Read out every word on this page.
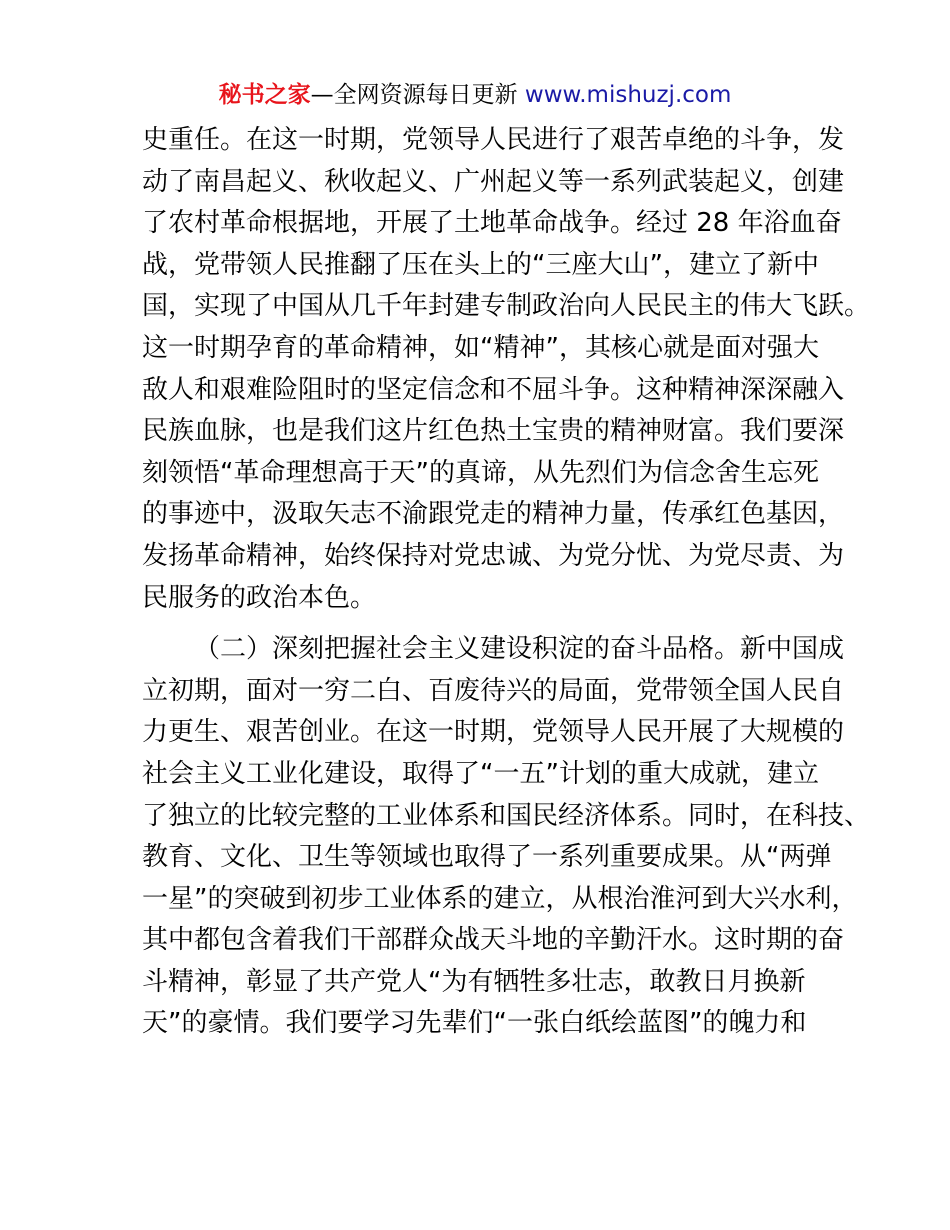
秘书之家—全网资源每日更新 www.mishuzj.com
史重任。在这一时期，党领导人民进行了艰苦卓绝的斗争，发
动了南昌起义、秋收起义、广州起义等一系列武装起义，创建
了农村革命根据地，开展了土地革命战争。经过 28 年浴血奋
战，党带领人民推翻了压在头上的“三座大山”，建立了新中
国，实现了中国从几千年封建专制政治向人民民主的伟大飞跃。
这一时期孕育的革命精神，如“精神”，其核心就是面对强大
敌人和艰难险阻时的坚定信念和不屈斗争。这种精神深深融入
民族血脉，也是我们这片红色热土宝贵的精神财富。我们要深
刻领悟“革命理想高于天”的真谛，从先烈们为信念舍生忘死
的事迹中，汲取矢志不渝跟党走的精神力量，传承红色基因，
发扬革命精神，始终保持对党忠诚、为党分忧、为党尽责、为
民服务的政治本色。
（二）深刻把握社会主义建设积淀的奋斗品格。新中国成
立初期，面对一穷二白、百废待兴的局面，党带领全国人民自
力更生、艰苦创业。在这一时期，党领导人民开展了大规模的
社会主义工业化建设，取得了“一五”计划的重大成就，建立
了独立的比较完整的工业体系和国民经济体系。同时，在科技、
教育、文化、卫生等领域也取得了一系列重要成果。从“两弹
一星”的突破到初步工业体系的建立，从根治淮河到大兴水利，
其中都包含着我们干部群众战天斗地的辛勤汗水。这时期的奋
斗精神，彰显了共产党人“为有牺牲多壮志，敢教日月换新
天”的豪情。我们要学习先辈们“一张白纸绘蓝图”的魄力和
